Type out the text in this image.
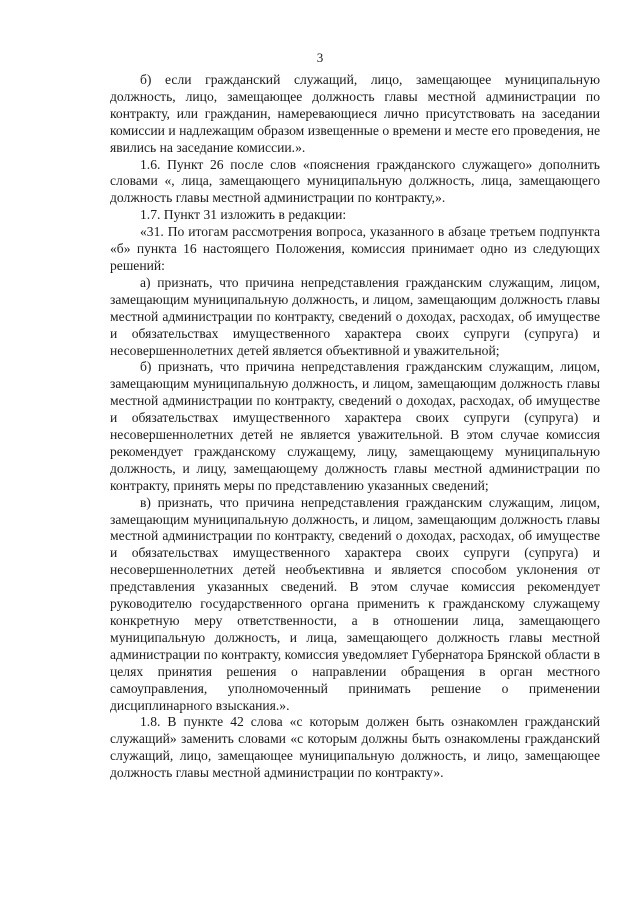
3

б) если гражданский служащий, лицо, замещающее муниципальную должность, лицо, замещающее должность главы местной администрации по контракту, или гражданин, намеревающиеся лично присутствовать на заседании комиссии и надлежащим образом извещенные о времени и месте его проведения, не явились на заседание комиссии.».

1.6. Пункт 26 после слов «пояснения гражданского служащего» дополнить словами «, лица, замещающего муниципальную должность, лица, замещающего должность главы местной администрации по контракту,».

1.7. Пункт 31 изложить в редакции:

«31. По итогам рассмотрения вопроса, указанного в абзаце третьем подпункта «б» пункта 16 настоящего Положения, комиссия принимает одно из следующих решений:

а) признать, что причина непредставления гражданским служащим, лицом, замещающим муниципальную должность, и лицом, замещающим должность главы местной администрации по контракту, сведений о доходах, расходах, об имуществе и обязательствах имущественного характера своих супруги (супруга) и несовершеннолетних детей является объективной и уважительной;

б) признать, что причина непредставления гражданским служащим, лицом, замещающим муниципальную должность, и лицом, замещающим должность главы местной администрации по контракту, сведений о доходах, расходах, об имуществе и обязательствах имущественного характера своих супруги (супруга) и несовершеннолетних детей не является уважительной. В этом случае комиссия рекомендует гражданскому служащему, лицу, замещающему муниципальную должность, и лицу, замещающему должность главы местной администрации по контракту, принять меры по представлению указанных сведений;

в) признать, что причина непредставления гражданским служащим, лицом, замещающим муниципальную должность, и лицом, замещающим должность главы местной администрации по контракту, сведений о доходах, расходах, об имуществе и обязательствах имущественного характера своих супруги (супруга) и несовершеннолетних детей необъективна и является способом уклонения от представления указанных сведений. В этом случае комиссия рекомендует руководителю государственного органа применить к гражданскому служащему конкретную меру ответственности, а в отношении лица, замещающего муниципальную должность, и лица, замещающего должность главы местной администрации по контракту, комиссия уведомляет Губернатора Брянской области в целях принятия решения о направлении обращения в орган местного самоуправления, уполномоченный принимать решение о применении дисциплинарного взыскания.».

1.8. В пункте 42 слова «с которым должен быть ознакомлен гражданский служащий» заменить словами «с которым должны быть ознакомлены гражданский служащий, лицо, замещающее муниципальную должность, и лицо, замещающее должность главы местной администрации по контракту».
